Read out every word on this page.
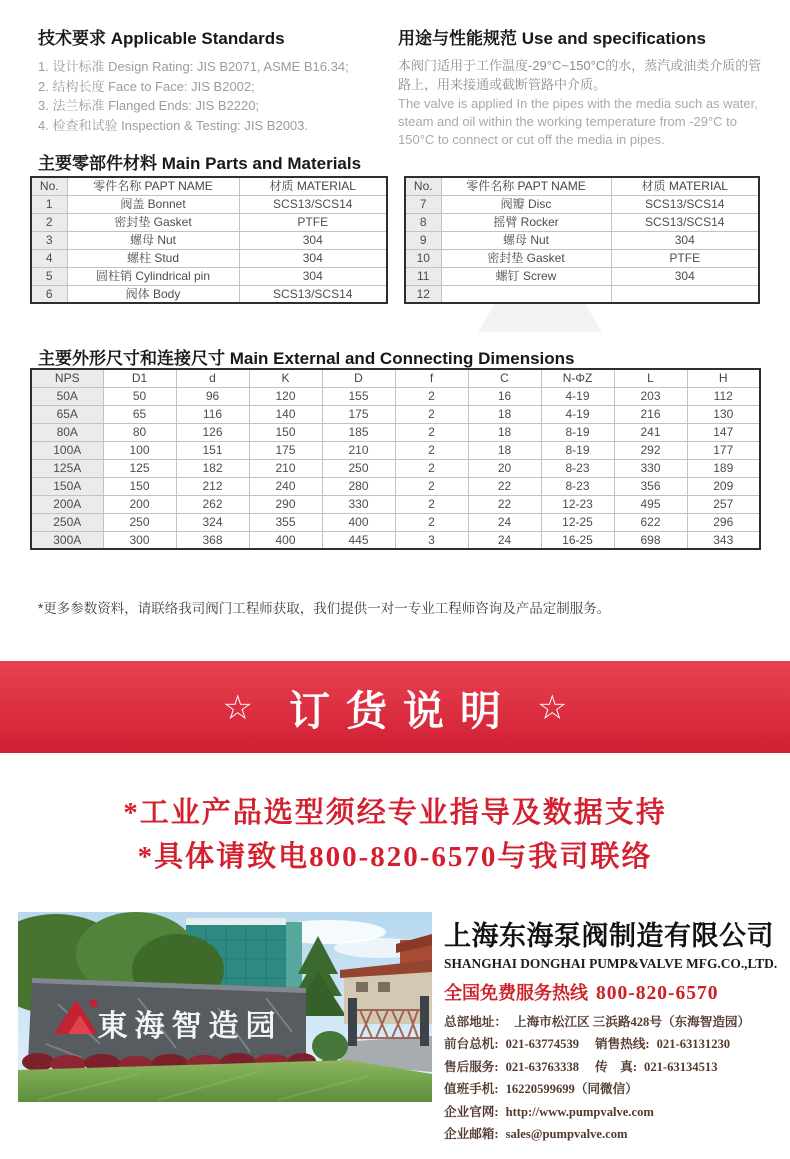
技术要求 Applicable Standards
1. 设计标准 Design Rating: JIS B2071, ASME B16.34;
2. 结构长度 Face to Face: JIS B2002;
3. 法兰标准 Flanged Ends: JIS B2220;
4. 检查和试验 Inspection & Testing: JIS B2003.
用途与性能规范 Use and specifications
本阀门适用于工作温度-29°C~150°C的水，蒸汽或油类介质的管路上，用来接通或截断管路中介质。
The valve is applied In the pipes with the media such as water, steam and oil within the working temperature from -29°C to 150°C to connect or cut off the media in pipes.
主要零部件材料 Main Parts and Materials
No.	零件名称 PAPT NAME	材质 MATERIAL
1	阀盖 Bonnet	SCS13/SCS14
2	密封垫 Gasket	PTFE
3	螺母 Nut	304
4	螺柱 Stud	304
5	圆柱销 Cylindrical pin	304
6	阀体 Body	SCS13/SCS14
No.	零件名称 PAPT NAME	材质 MATERIAL
7	阀瓣 Disc	SCS13/SCS14
8	摇臂 Rocker	SCS13/SCS14
9	螺母 Nut	304
10	密封垫 Gasket	PTFE
11	螺钉 Screw	304
12		
主要外形尺寸和连接尺寸 Main External and Connecting Dimensions
NPS	D1	d	K	D	f	C	N-ΦZ	L	H
50A	50	96	120	155	2	16	4-19	203	112
65A	65	116	140	175	2	18	4-19	216	130
80A	80	126	150	185	2	18	8-19	241	147
100A	100	151	175	210	2	18	8-19	292	177
125A	125	182	210	250	2	20	8-23	330	189
150A	150	212	240	280	2	22	8-23	356	209
200A	200	262	290	330	2	22	12-23	495	257
250A	250	324	355	400	2	24	12-25	622	296
300A	300	368	400	445	3	24	16-25	698	343
*更多参数资料，请联络我司阀门工程师获取，我们提供一对一专业工程师咨询及产品定制服务。
☆ 订货说明 ☆
*工业产品选型须经专业指导及数据支持
*具体请致电800-820-6570与我司联络
東海智造园
上海东海泵阀制造有限公司
SHANGHAI DONGHAI PUMP&VALVE MFG.CO.,LTD.
全国免费服务热线 800-820-6570
总部地址： 上海市松江区 三浜路428号（东海智造园）
前台总机: 021-63774539 销售热线: 021-63131230
售后服务: 021-63763338 传　真: 021-63134513
值班手机: 16220599699（同微信）
企业官网: http://www.pumpvalve.com
企业邮箱: sales@pumpvalve.com
